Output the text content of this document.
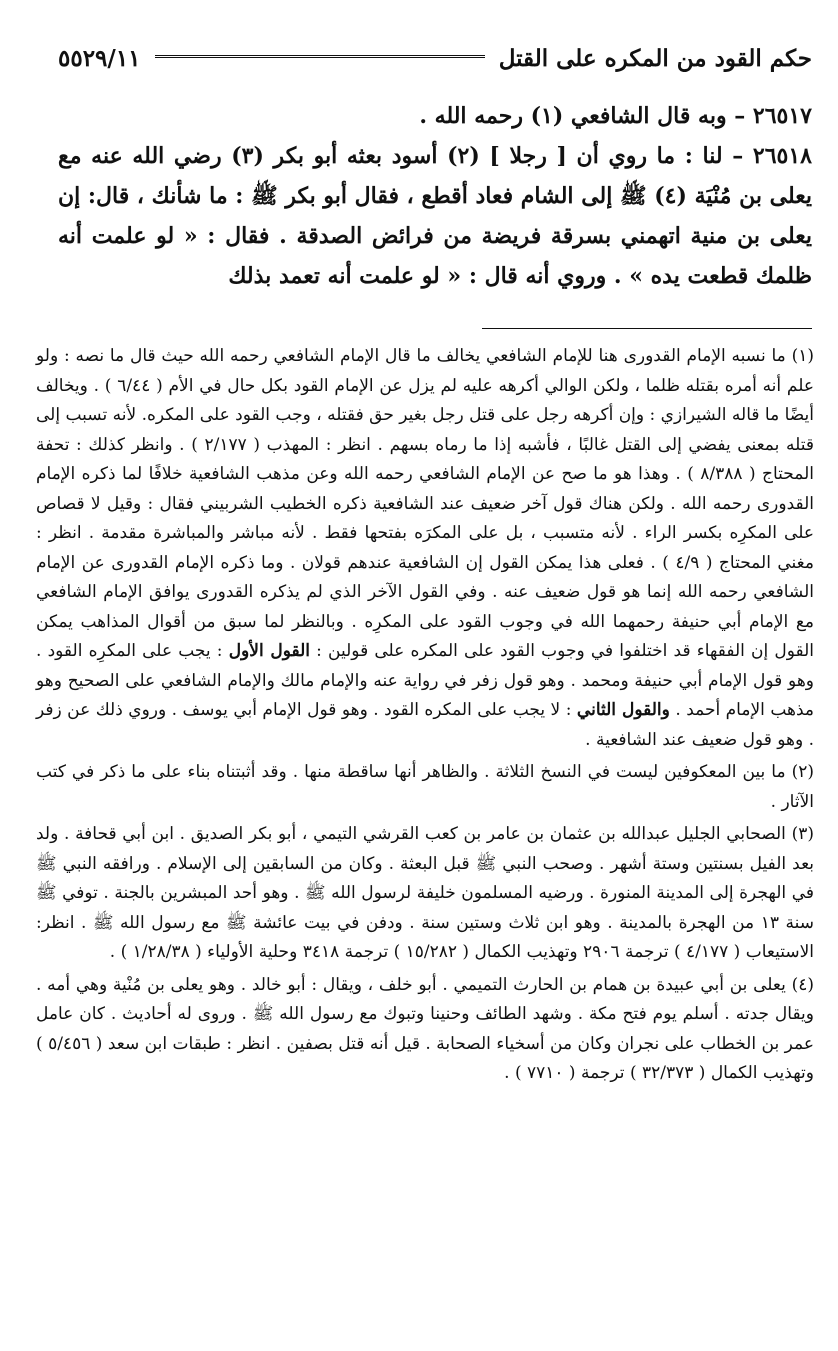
حكم القود من المكره على القتل
٥٥٢٩/١١

٢٦٥١٧ – وبه قال الشافعي (١) رحمه الله .

٢٦٥١٨ – لنا : ما روي أن [ رجلا ] (٢) أسود بعثه أبو بكر (٣) رضي الله عنه مع يعلى بن مُنْيَة (٤) ﷺ إلى الشام فعاد أقطع ، فقال أبو بكر ﷺ : ما شأنك ، قال: إن يعلى بن منية اتهمني بسرقة فريضة من فرائض الصدقة . فقال : « لو علمت أنه ظلمك قطعت يده » . وروي أنه قال : « لو علمت أنه تعمد بذلك

(١) ما نسبه الإمام القدورى هنا للإمام الشافعي يخالف ما قال الإمام الشافعي رحمه الله حيث قال ما نصه : ولو علم أنه أمره بقتله ظلما ، ولكن الوالي أكرهه عليه لم يزل عن الإمام القود بكل حال في الأم ( ٦/٤٤ ) . ويخالف أيضًا ما قاله الشيرازي : وإن أكرهه رجل على قتل رجل بغير حق فقتله ، وجب القود على المكره. لأنه تسبب إلى قتله بمعنى يفضي إلى القتل غالبًا ، فأشبه إذا ما رماه بسهم . انظر : المهذب ( ٢/١٧٧ ) . وانظر كذلك : تحفة المحتاج ( ٨/٣٨٨ ) . وهذا هو ما صح عن الإمام الشافعي رحمه الله وعن مذهب الشافعية خلافًا لما ذكره الإمام القدورى رحمه الله . ولكن هناك قول آخر ضعيف عند الشافعية ذكره الخطيب الشربيني فقال : وقيل لا قصاص على المكرِه بكسر الراء . لأنه متسبب ، بل على المكرَه بفتحها فقط . لأنه مباشر والمباشرة مقدمة . انظر : مغني المحتاج ( ٤/٩ ) . فعلى هذا يمكن القول إن الشافعية عندهم قولان . وما ذكره الإمام القدورى عن الإمام الشافعي رحمه الله إنما هو قول ضعيف عنه . وفي القول الآخر الذي لم يذكره القدورى يوافق الإمام الشافعي مع الإمام أبي حنيفة رحمهما الله في وجوب القود على المكرِه . وبالنظر لما سبق من أقوال المذاهب يمكن القول إن الفقهاء قد اختلفوا في وجوب القود على المكره على قولين : القول الأول : يجب على المكرِه القود . وهو قول الإمام أبي حنيفة ومحمد . وهو قول زفر في رواية عنه والإمام مالك والإمام الشافعي على الصحيح وهو مذهب الإمام أحمد . والقول الثاني : لا يجب على المكره القود . وهو قول الإمام أبي يوسف . وروي ذلك عن زفر . وهو قول ضعيف عند الشافعية .

(٢) ما بين المعكوفين ليست في النسخ الثلاثة . والظاهر أنها ساقطة منها . وقد أثبتناه بناء على ما ذكر في كتب الآثار .

(٣) الصحابي الجليل عبدالله بن عثمان بن عامر بن كعب القرشي التيمي ، أبو بكر الصديق . ابن أبي قحافة . ولد بعد الفيل بسنتين وستة أشهر . وصحب النبي ﷺ قبل البعثة . وكان من السابقين إلى الإسلام . ورافقه النبي ﷺ في الهجرة إلى المدينة المنورة . ورضيه المسلمون خليفة لرسول الله ﷺ . وهو أحد المبشرين بالجنة . توفي ﷺ سنة ١٣ من الهجرة بالمدينة . وهو ابن ثلاث وستين سنة . ودفن في بيت عائشة ﷺ مع رسول الله ﷺ . انظر: الاستيعاب ( ٤/١٧٧ ) ترجمة ٢٩٠٦ وتهذيب الكمال ( ١٥/٢٨٢ ) ترجمة ٣٤١٨ وحلية الأولياء ( ١/٢٨/٣٨ ) .

(٤) يعلى بن أبي عبيدة بن همام بن الحارث التميمي . أبو خلف ، ويقال : أبو خالد . وهو يعلى بن مُنْية وهي أمه . ويقال جدته . أسلم يوم فتح مكة . وشهد الطائف وحنينا وتبوك مع رسول الله ﷺ . وروى له أحاديث . كان عامل عمر بن الخطاب على نجران وكان من أسخياء الصحابة . قيل أنه قتل بصفين . انظر : طبقات ابن سعد ( ٥/٤٥٦ ) وتهذيب الكمال ( ٣٢/٣٧٣ ) ترجمة ( ٧٧١٠ ) .
